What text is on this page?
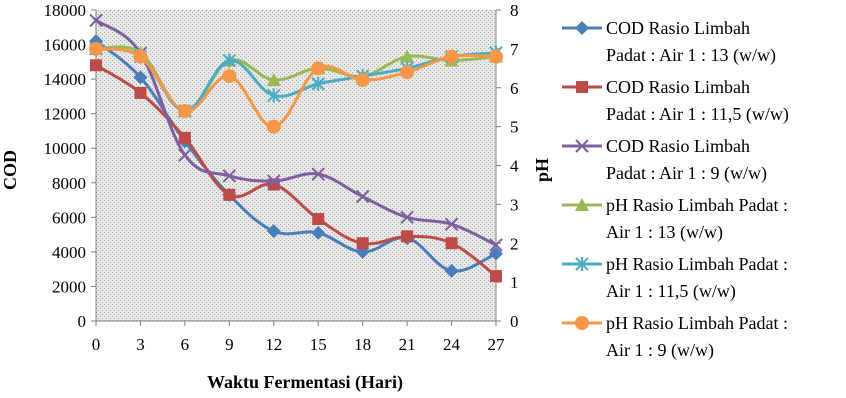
0
2000
4000
6000
8000
10000
12000
14000
16000
18000
0
1
2
3
4
5
6
7
8
0 3 6 9 12 15 18 21 24 27
COD	pH
Waktu Fermentasi (Hari)
COD Rasio Limbah
Padat : Air 1 : 13 (w/w)
COD Rasio Limbah
Padat : Air 1 : 11,5 (w/w)
COD Rasio Limbah
Padat : Air 1 : 9 (w/w)
pH Rasio Limbah Padat :
Air 1 : 13 (w/w)
pH Rasio Limbah Padat :
Air 1 : 11,5 (w/w)
pH Rasio Limbah Padat :
Air 1 : 9 (w/w)
